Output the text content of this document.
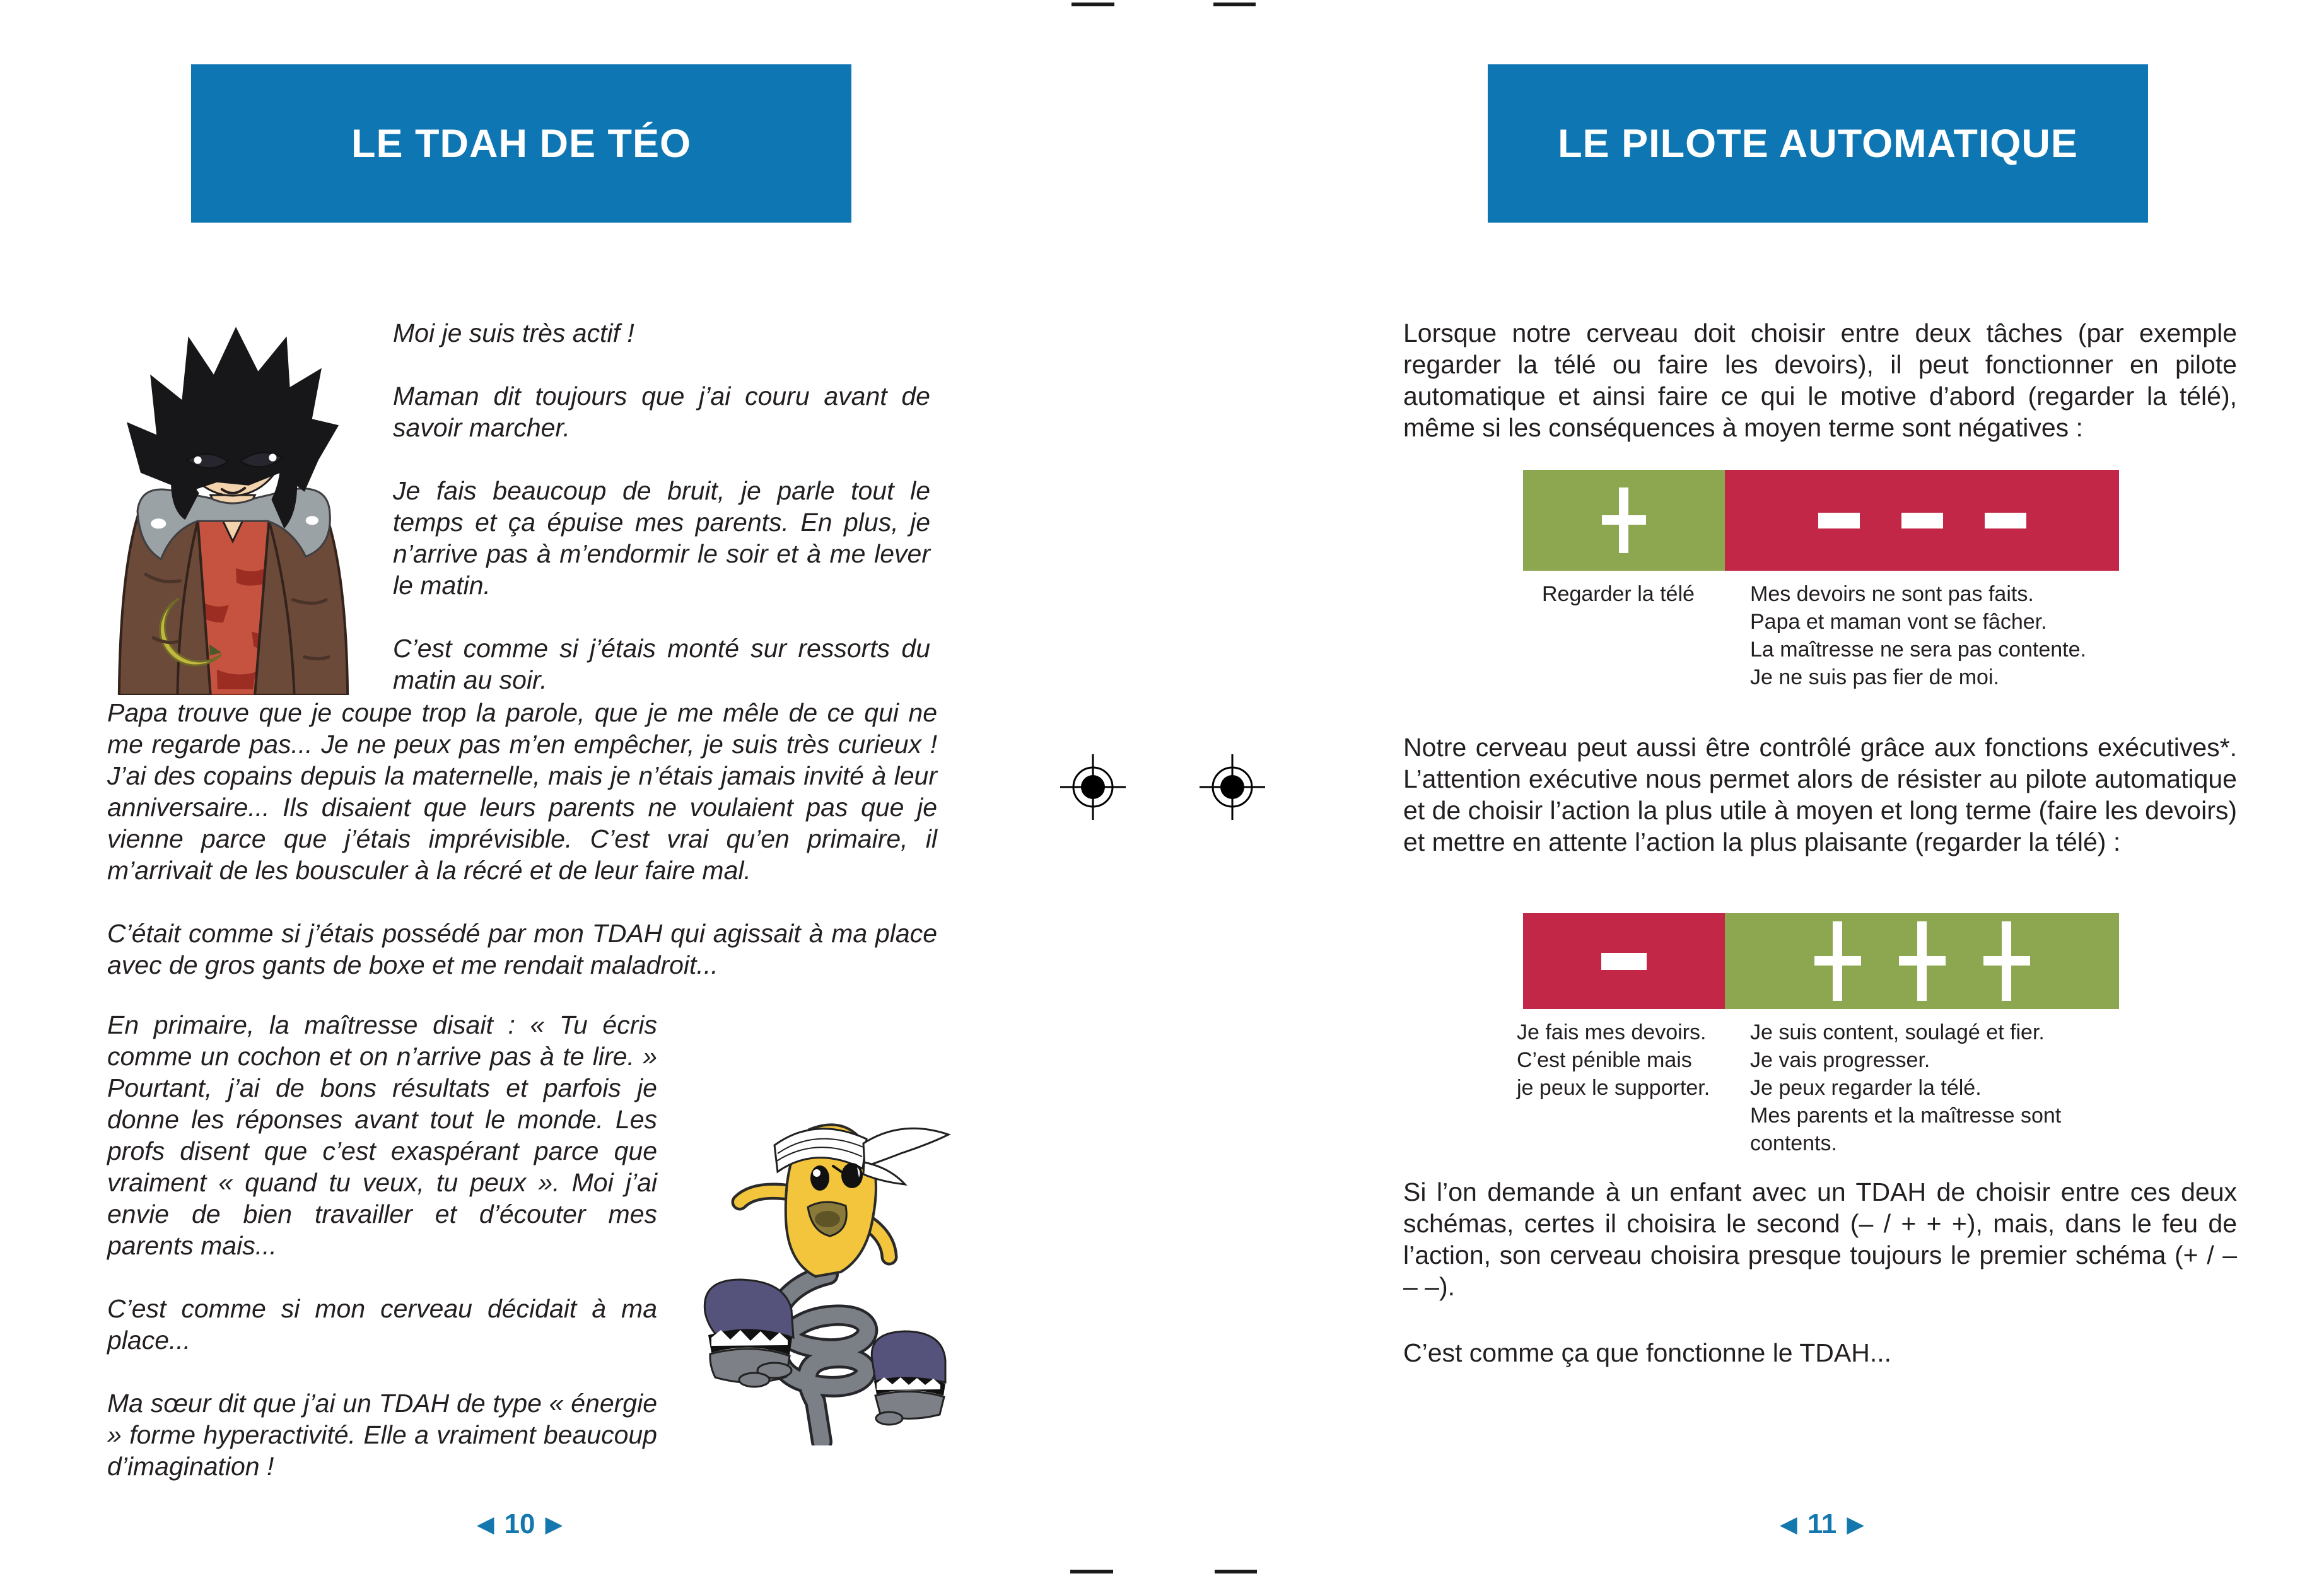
LE TDAH DE TÉO

Moi je suis très actif !

Maman dit toujours que j’ai couru avant de savoir marcher.

Je fais beaucoup de bruit, je parle tout le temps et ça épuise mes parents. En plus, je n’arrive pas à m’endormir le soir et à me lever le matin.

C’est comme si j’étais monté sur ressorts du matin au soir.

Papa trouve que je coupe trop la parole, que je me mêle de ce qui ne me regarde pas... Je ne peux pas m’en empêcher, je suis très curieux ! J’ai des copains depuis la maternelle, mais je n’étais jamais invité à leur anniversaire... Ils disaient que leurs parents ne voulaient pas que je vienne parce que j’étais imprévisible. C’est vrai qu’en primaire, il m’arrivait de les bousculer à la récré et de leur faire mal.

C’était comme si j’étais possédé par mon TDAH qui agissait à ma place avec de gros gants de boxe et me rendait maladroit...

En primaire, la maîtresse disait : « Tu écris comme un cochon et on n’arrive pas à te lire. » Pourtant, j’ai de bons résultats et parfois je donne les réponses avant tout le monde. Les profs disent que c’est exaspérant parce que vraiment « quand tu veux, tu peux ». Moi j’ai envie de bien travailler et d’écouter mes parents mais...

C’est comme si mon cerveau décidait à ma place...

Ma sœur dit que j’ai un TDAH de type « énergie » forme hyperactivité. Elle a vraiment beaucoup d’imagination !

◀ 10 ▶
LE PILOTE AUTOMATIQUE
Lorsque notre cerveau doit choisir entre deux tâches (par exemple regarder la télé ou faire les devoirs), il peut fonctionner en pilote automatique et ainsi faire ce qui le motive d’abord (regarder la télé), même si les conséquences à moyen terme sont négatives :
Regarder la télé	Mes devoirs ne sont pas faits.
Papa et maman vont se fâcher.
La maîtresse ne sera pas contente.
Je ne suis pas fier de moi.
Notre cerveau peut aussi être contrôlé grâce aux fonctions exécutives*. L’attention exécutive nous permet alors de résister au pilote automatique et de choisir l’action la plus utile à moyen et long terme (faire les devoirs) et mettre en attente l’action la plus plaisante (regarder la télé) :
Je fais mes devoirs.
C’est pénible mais
je peux le supporter.
Je suis content, soulagé et fier.
Je vais progresser.
Je peux regarder la télé.
Mes parents et la maîtresse sont contents.
Si l’on demande à un enfant avec un TDAH de choisir entre ces deux schémas, certes il choisira le second (– / + + +), mais, dans le feu de l’action, son cerveau choisira presque toujours le premier schéma (+ / – – –).
C’est comme ça que fonctionne le TDAH...
◀ 11 ▶
